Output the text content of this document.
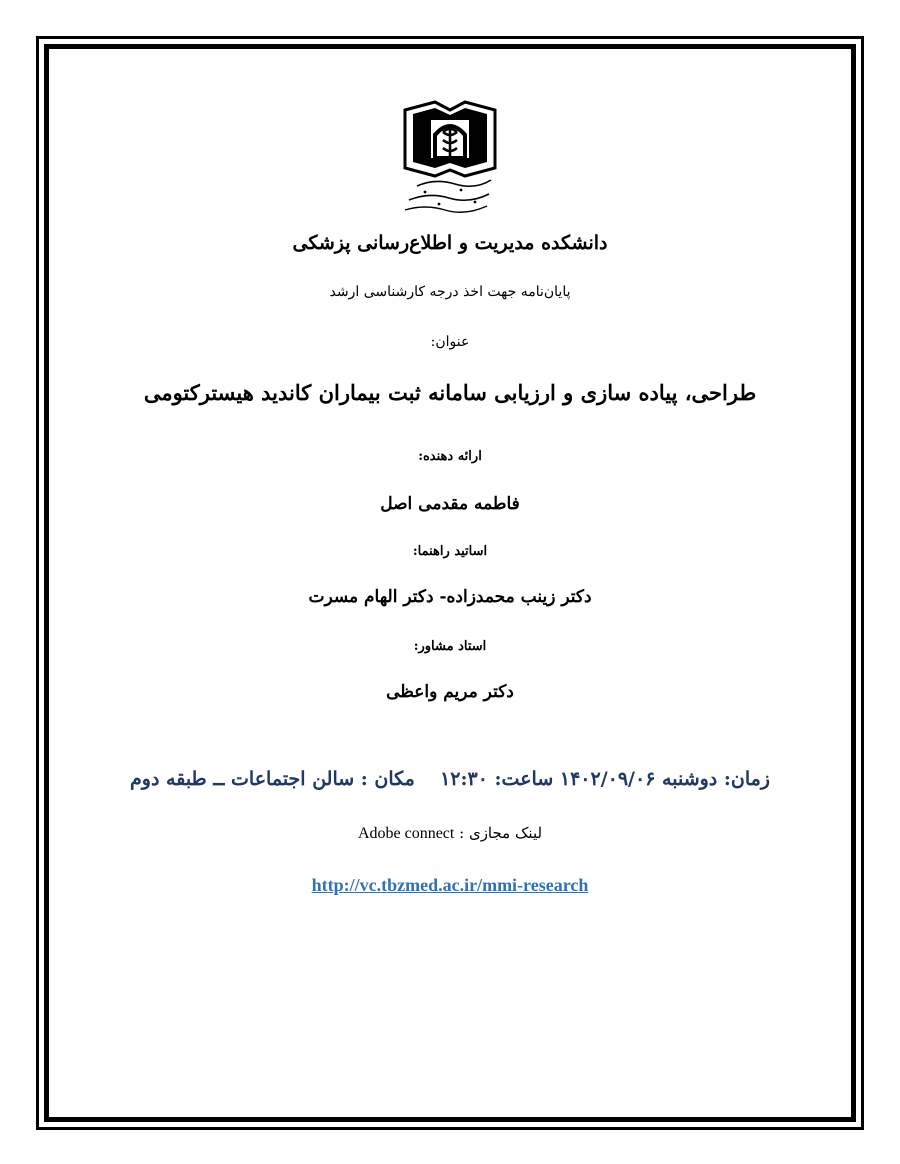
دانشکده مدیریت و اطلاع‌رسانی پزشکی
پایان‌نامه جهت اخذ درجه کارشناسی ارشد
عنوان:
طراحی، پیاده سازی و ارزیابی سامانه ثبت بیماران کاندید هیسترکتومی
ارائه دهنده:
فاطمه مقدمی اصل
اساتید راهنما:
دکتر زینب محمدزاده- دکتر الهام مسرت
استاد مشاور:
دکتر مریم واعظی
زمان: دوشنبه ۱۴۰۲/۰۹/۰۶ ساعت: ۱۲:۳۰  مکان : سالن اجتماعات ــ طبقه دوم
لینک مجازی : Adobe connect
http://vc.tbzmed.ac.ir/mmi-research
